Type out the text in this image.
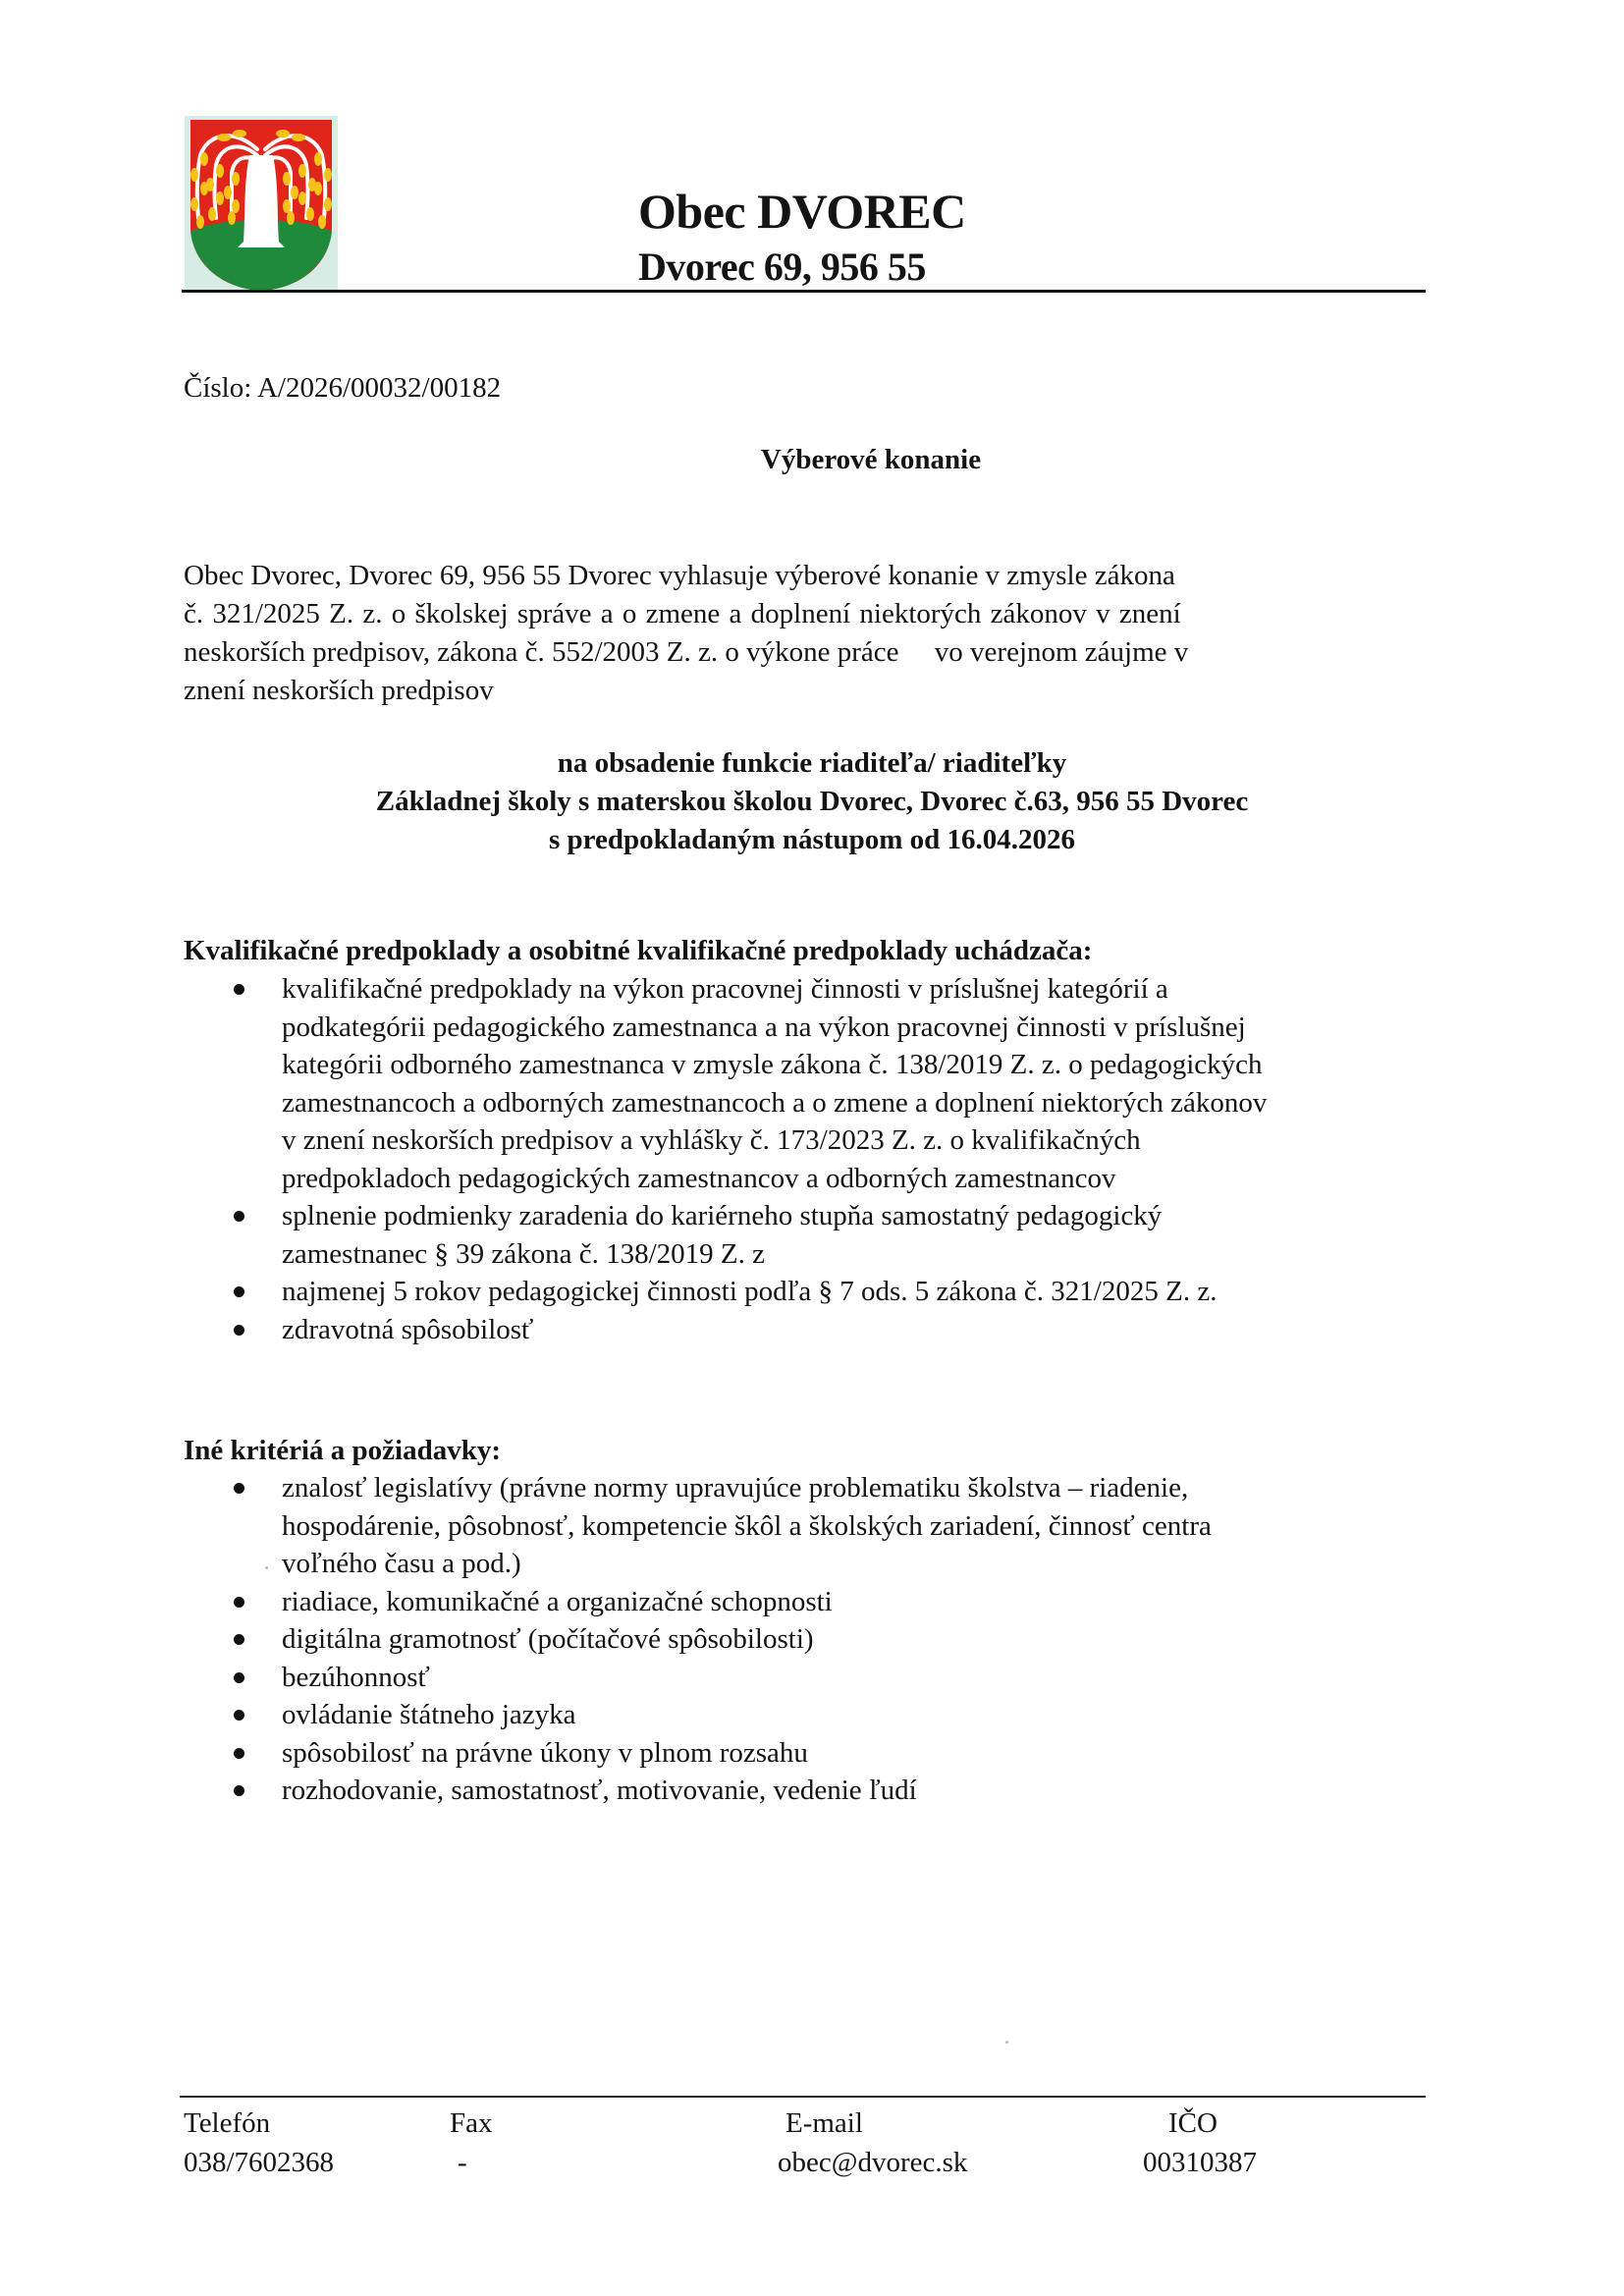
Obec DVOREC
Dvorec 69, 956 55
Číslo: A/2026/00032/00182
Výberové konanie
Obec Dvorec, Dvorec 69, 956 55 Dvorec vyhlasuje výberové konanie v zmysle zákona
č. 321/2025 Z. z. o školskej správe a o zmene a doplnení niektorých zákonov v znení
neskorších predpisov, zákona č. 552/2003 Z. z. o výkone práce     vo verejnom záujme v
znení neskorších predpisov
na obsadenie funkcie riaditeľa/ riaditeľky
Základnej školy s materskou školou Dvorec, Dvorec č.63, 956 55 Dvorec
s predpokladaným nástupom od 16.04.2026
Kvalifikačné predpoklady a osobitné kvalifikačné predpoklady uchádzača:
kvalifikačné predpoklady na výkon pracovnej činnosti v príslušnej kategórií a
podkategórii pedagogického zamestnanca a na výkon pracovnej činnosti v príslušnej
kategórii odborného zamestnanca v zmysle zákona č. 138/2019 Z. z. o pedagogických
zamestnancoch a odborných zamestnancoch a o zmene a doplnení niektorých zákonov
v znení neskorších predpisov a vyhlášky č. 173/2023 Z. z. o kvalifikačných
predpokladoch pedagogických zamestnancov a odborných zamestnancov
splnenie podmienky zaradenia do kariérneho stupňa samostatný pedagogický
zamestnanec § 39 zákona č. 138/2019 Z. z
najmenej 5 rokov pedagogickej činnosti podľa § 7 ods. 5 zákona č. 321/2025 Z. z.
zdravotná spôsobilosť
Iné kritériá a požiadavky:
znalosť legislatívy (právne normy upravujúce problematiku školstva – riadenie,
hospodárenie, pôsobnosť, kompetencie škôl a školských zariadení, činnosť centra
voľného času a pod.)
riadiace, komunikačné a organizačné schopnosti
digitálna gramotnosť (počítačové spôsobilosti)
bezúhonnosť
ovládanie štátneho jazyka
spôsobilosť na právne úkony v plnom rozsahu
rozhodovanie, samostatnosť, motivovanie, vedenie ľudí
Telefón
038/7602368
Fax
-
E-mail
obec@dvorec.sk
IČO
00310387
